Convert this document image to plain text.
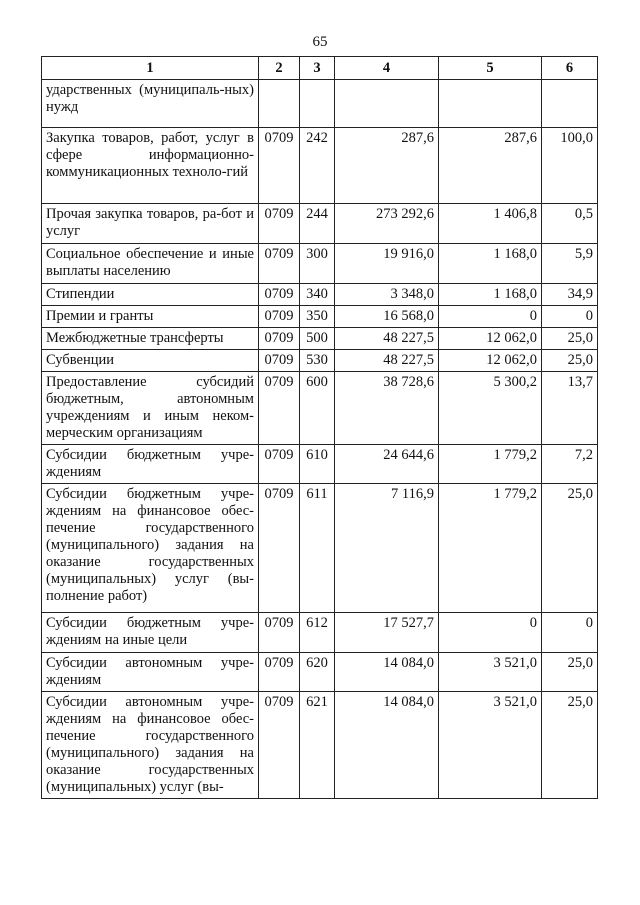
65
1	2	3	4	5	6
ударственных (муниципаль-ных) нужд					
Закупка товаров, работ, услуг в сфере информационно-коммуникационных техноло-гий	0709	242	287,6	287,6	100,0
Прочая закупка товаров, ра-бот и услуг	0709	244	273 292,6	1 406,8	0,5
Социальное обеспечение и иные выплаты населению	0709	300	19 916,0	1 168,0	5,9
Стипендии	0709	340	3 348,0	1 168,0	34,9
Премии и гранты	0709	350	16 568,0	0	0
Межбюджетные трансферты	0709	500	48 227,5	12 062,0	25,0
Субвенции	0709	530	48 227,5	12 062,0	25,0
Предоставление субсидий бюджетным, автономным учреждениям и иным неком-мерческим организациям	0709	600	38 728,6	5 300,2	13,7
Субсидии бюджетным учре-ждениям	0709	610	24 644,6	1 779,2	7,2
Субсидии бюджетным учре-ждениям на финансовое обес-печение государственного (муниципального) задания на оказание государственных (муниципальных) услуг (вы-полнение работ)	0709	611	7 116,9	1 779,2	25,0
Субсидии бюджетным учре-ждениям на иные цели	0709	612	17 527,7	0	0
Субсидии автономным учре-ждениям	0709	620	14 084,0	3 521,0	25,0
Субсидии автономным учре-ждениям на финансовое обес-печение государственного (муниципального) задания на оказание государственных (муниципальных) услуг (вы-	0709	621	14 084,0	3 521,0	25,0
